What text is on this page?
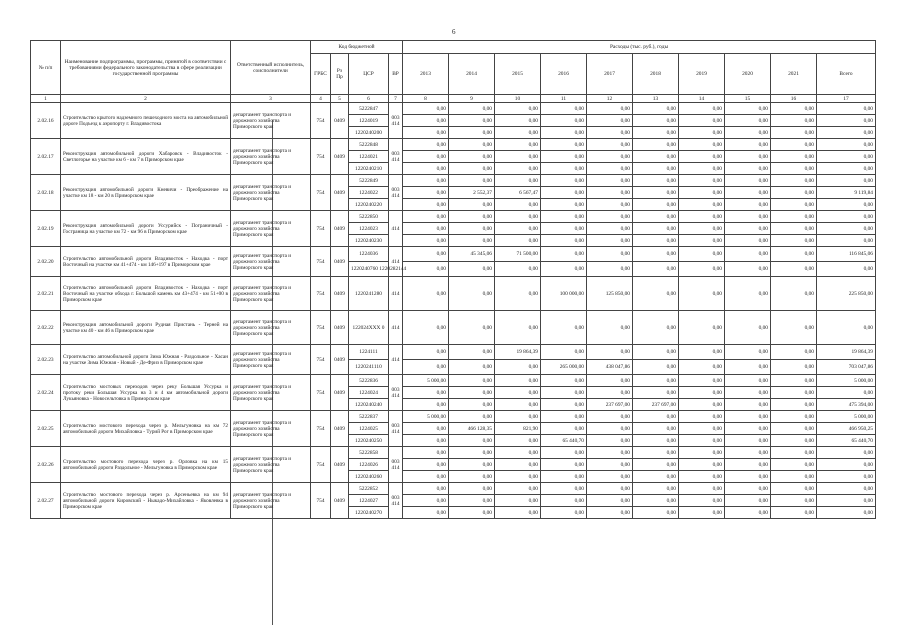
6
№ п/п	Наименование подпрограммы, программы, принятой в соответствии с требованиями федерального законодательства в сфере реализации государственной программы	Ответственный исполнитель, соисполнители	Код бюджетной				Расходы (тыс. руб.), годы									
			ГРБС	Рз Пр	ЦСР	ВР	2013	2014	2015	2016	2017	2018	2019	2020	2021	Всего
1	2	3	4	5	6	7	8	9	10	11	12	13	14	15	16	17
2.02.16	Строительство крытого надземного пешеходного моста на автомобильной дороге Подъезд к аэропорту г. Владивостока	департамент транспорта и дорожного хозяйства Приморского края	754	0409	5222847	003 414	0,00	0,00	0,00	0,00	0,00	0,00	0,00	0,00	0,00	0,00
					1224019		0,00	0,00	0,00	0,00	0,00	0,00	0,00	0,00	0,00	0,00
					1220240200		0,00	0,00	0,00	0,00	0,00	0,00	0,00	0,00	0,00	0,00
2.02.17	Реконструкция автомобильной дороги Хабаровск - Владивосток - Светлогорье на участке км 6 - км 7 в Приморском крае	департамент транспорта и дорожного хозяйства Приморского края	754	0409	5222848	003 414	0,00	0,00	0,00	0,00	0,00	0,00	0,00	0,00	0,00	0,00
					1224021		0,00	0,00	0,00	0,00	0,00	0,00	0,00	0,00	0,00	0,00
					1220240210		0,00	0,00	0,00	0,00	0,00	0,00	0,00	0,00	0,00	0,00
2.02.18	Реконструкция автомобильной дороги Кневичи - Преображение на участке км 18 - км 20 в Приморском крае	департамент транспорта и дорожного хозяйства Приморского края	754	0409	5222849	003 414	0,00	0,00	0,00	0,00	0,00	0,00	0,00	0,00	0,00	0,00
					1224022		0,00	2 552,37	6 567,47	0,00	0,00	0,00	0,00	0,00	0,00	9 119,84
					1220240220		0,00	0,00	0,00	0,00	0,00	0,00	0,00	0,00	0,00	0,00
2.02.19	Реконструкция автомобильной дороги Уссурийск - Пограничный - Госграница на участке км 72 - км 96 в Приморском крае	департамент транспорта и дорожного хозяйства Приморского края	754	0409	5222850	414	0,00	0,00	0,00	0,00	0,00	0,00	0,00	0,00	0,00	0,00
					1224023		0,00	0,00	0,00	0,00	0,00	0,00	0,00	0,00	0,00	0,00
					1220240230		0,00	0,00	0,00	0,00	0,00	0,00	0,00	0,00	0,00	0,00
2.02.20	Строительство автомобильной дороги Владивосток - Находка - порт Восточный на участке км 41+474 - км 146+197 в Приморском крае	департамент транспорта и дорожного хозяйства Приморского края	754	0409	1224036	414	0,00	45 345,06	71 500,00	0,00	0,00	0,00	0,00	0,00	0,00	116 845,06
					1220240760 1220282144		0,00	0,00	0,00	0,00	0,00	0,00	0,00	0,00	0,00	0,00
2.02.21	Строительство автомобильной дороги Владивосток - Находка - порт Восточный на участке обхода г. Большой камень км 43+474 - км 51+00 в Приморском крае	департамент транспорта и дорожного хозяйства Приморского края	754	0409	1220241280	414	0,00	0,00	0,00	100 000,00	125 850,00	0,00	0,00	0,00	0,00	225 850,00
2.02.22	Реконструкция автомобильной дороги Рудная Пристань - Терней на участке км 40 - км 46 в Приморском крае	департамент транспорта и дорожного хозяйства Приморского края	754	0409	122024XXX 0	414	0,00	0,00	0,00	0,00	0,00	0,00	0,00	0,00	0,00	0,00
2.02.23	Строительство автомобильной дороги Зима Южная - Раздольное - Хасан на участке Зима Южная - Новый - Де-Фриз в Приморском крае	департамент транспорта и дорожного хозяйства Приморского края	754	0409	1224111	414	0,00	0,00	19 864,39	0,00	0,00	0,00	0,00	0,00	0,00	19 864,39
					1220241110		0,00	0,00	0,00	265 000,00	438 047,86	0,00	0,00	0,00	0,00	703 047,86
2.02.24	Строительство мостовых переходов через реку Большая Уссурка и протоку реки Большая Уссурка на 3 и 4 км автомобильной дороги Лукьяновка - Новосельтовка в Приморском крае	департамент транспорта и дорожного хозяйства Приморского края	754	0409	5222836	003 414	5 000,00	0,00	0,00	0,00	0,00	0,00	0,00	0,00	0,00	5 000,00
					1224024		0,00	0,00	0,00	0,00	0,00	0,00	0,00	0,00	0,00	0,00
					1220240240		0,00	0,00	0,00	0,00	237 697,00	237 697,00	0,00	0,00	0,00	475 394,00
2.02.25	Строительство мостового перехода через р. Мельгуновка на км 72 автомобильной дороги Михайловка - Турий Рог в Приморском крае	департамент транспорта и дорожного хозяйства Приморского края	754	0409	5222837	003 414	5 000,00	0,00	0,00	0,00	0,00	0,00	0,00	0,00	0,00	5 000,00
					1224025		0,00	466 128,35	821,90	0,00	0,00	0,00	0,00	0,00	0,00	466 950,25
					1220240250		0,00	0,00	0,00	65 440,70	0,00	0,00	0,00	0,00	0,00	65 440,70
2.02.26	Строительство мостового перехода через р. Орловка на км 15 автомобильной дороги Раздольное - Мельгуновка в Приморском крае	департамент транспорта и дорожного хозяйства Приморского края	754	0409	5222858	003 414	0,00	0,00	0,00	0,00	0,00	0,00	0,00	0,00	0,00	0,00
					1224026		0,00	0,00	0,00	0,00	0,00	0,00	0,00	0,00	0,00	0,00
					1220240260		0,00	0,00	0,00	0,00	0,00	0,00	0,00	0,00	0,00	0,00
2.02.27	Строительство мостового перехода через р. Арсеньевка на км 94 автомобильной дороги Кировский - Ныкадо-Михайловка - Яковлевка в Приморском крае	департамент транспорта и дорожного хозяйства Приморского края	754	0409	5222852	003 414	0,00	0,00	0,00	0,00	0,00	0,00	0,00	0,00	0,00	0,00
					1224027		0,00	0,00	0,00	0,00	0,00	0,00	0,00	0,00	0,00	0,00
					1220240270		0,00	0,00	0,00	0,00	0,00	0,00	0,00	0,00	0,00	0,00
